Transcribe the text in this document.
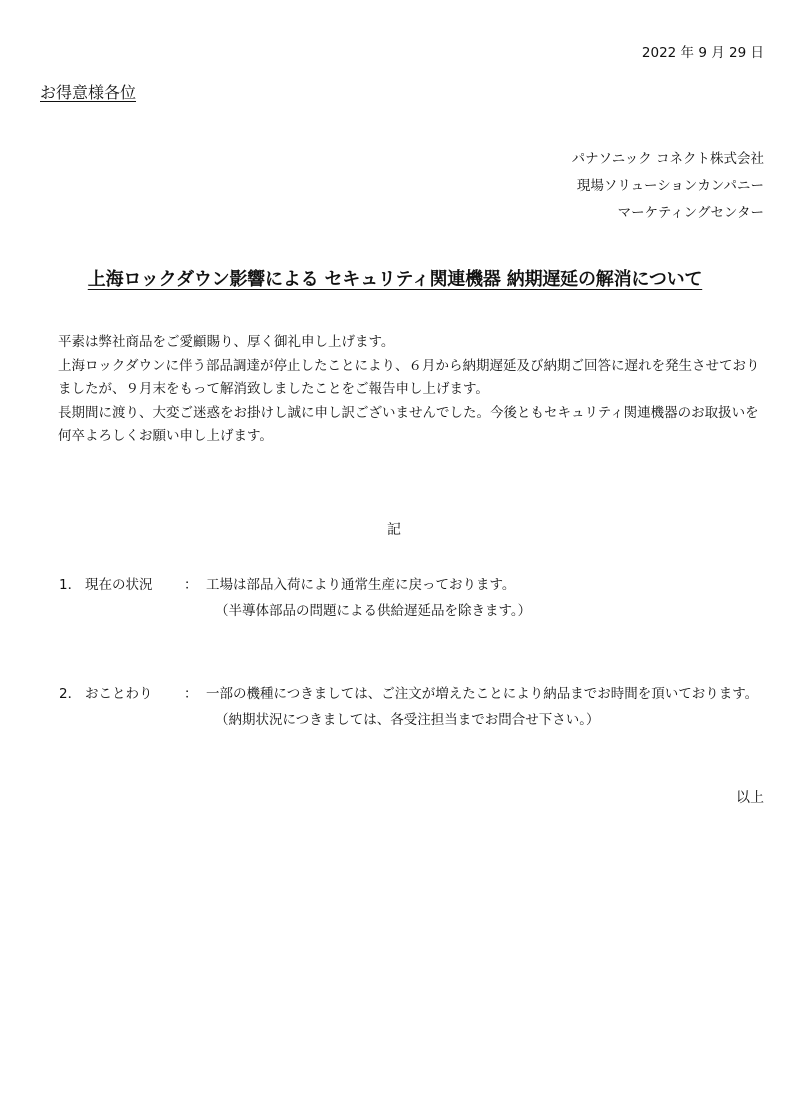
2022 年 9 月 29 日
お得意様各位
パナソニック コネクト株式会社
現場ソリューションカンパニー
マーケティングセンター
上海ロックダウン影響による セキュリティ関連機器 納期遅延の解消について
平素は弊社商品をご愛顧賜り、厚く御礼申し上げます。
上海ロックダウンに伴う部品調達が停止したことにより、６月から納期遅延及び納期ご回答に遅れを発生させており
ましたが、９月末をもって解消致しましたことをご報告申し上げます。
長期間に渡り、大変ご迷惑をお掛けし誠に申し訳ございませんでした。今後ともセキュリティ関連機器のお取扱いを
何卒よろしくお願い申し上げます。
記
1． 現在の状況 ： 工場は部品入荷により通常生産に戻っております。
（半導体部品の問題による供給遅延品を除きます。）
2． おことわり ： 一部の機種につきましては、ご注文が増えたことにより納品までお時間を頂いております。
（納期状況につきましては、各受注担当までお問合せ下さい。）
以上
